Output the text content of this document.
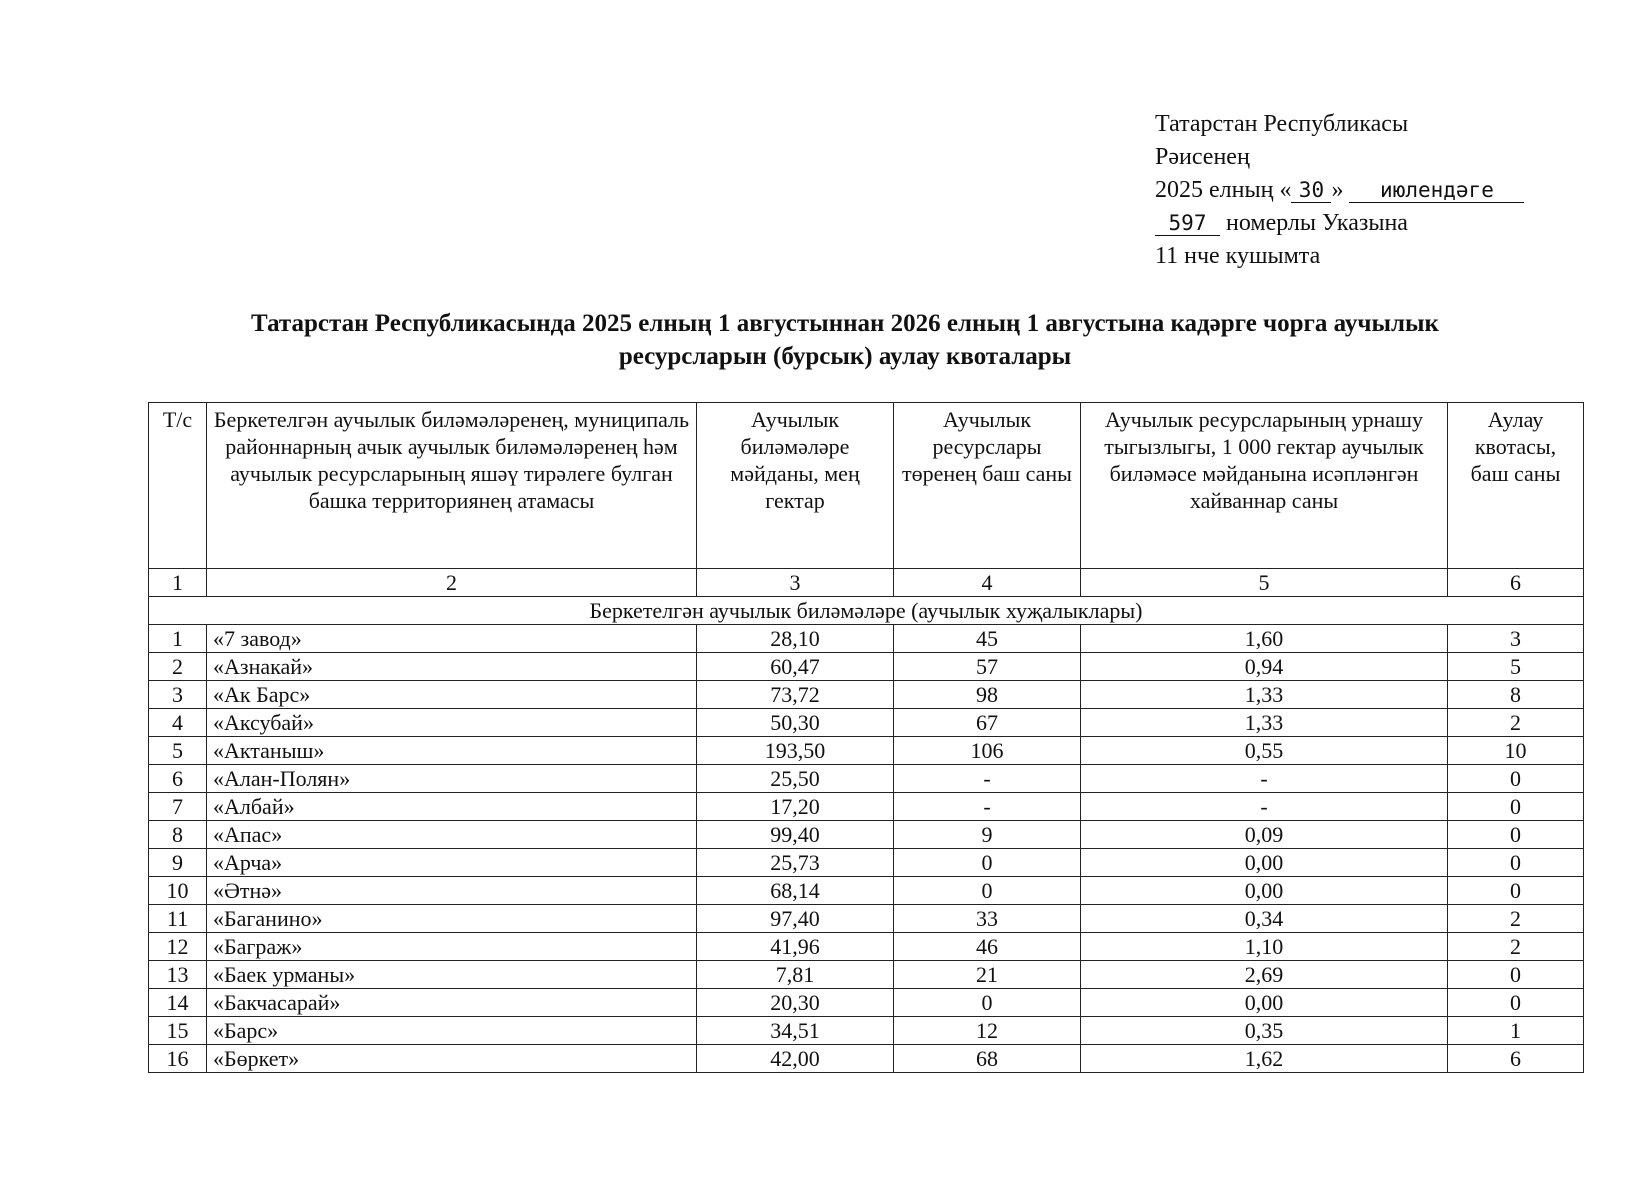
Татарстан Республикасы
Рәисенең
2025 елның « 30 » июлендәге
597 номерлы Указына
11 нче кушымта
Татарстан Республикасында 2025 елның 1 августыннан 2026 елның 1 августына кадәрге чорга аучылык
ресурсларын (бурсык) аулау квоталары
Т/с	Беркетелгән аучылык биләмәләренең, муниципаль районнарның ачык аучылык биләмәләренең һәм аучылык ресурсларының яшәү тирәлеге булган башка территориянең атамасы	Аучылык биләмәләре мәйданы, мең гектар	Аучылык ресурслары төренең баш саны	Аучылык ресурсларының урнашу тыгызлыгы, 1 000 гектар аучылык биләмәсе мәйданына исәпләнгән хайваннар саны	Аулау квотасы, баш саны
1	2	3	4	5	6
Беркетелгән аучылык биләмәләре (аучылык хуҗалыклары)					
1	«7 завод»	28,10	45	1,60	3
2	«Азнакай»	60,47	57	0,94	5
3	«Ак Барс»	73,72	98	1,33	8
4	«Аксубай»	50,30	67	1,33	2
5	«Актаныш»	193,50	106	0,55	10
6	«Алан-Полян»	25,50	-	-	0
7	«Албай»	17,20	-	-	0
8	«Апас»	99,40	9	0,09	0
9	«Арча»	25,73	0	0,00	0
10	«Әтнә»	68,14	0	0,00	0
11	«Баганино»	97,40	33	0,34	2
12	«Баграж»	41,96	46	1,10	2
13	«Баек урманы»	7,81	21	2,69	0
14	«Бакчасарай»	20,30	0	0,00	0
15	«Барс»	34,51	12	0,35	1
16	«Бөркет»	42,00	68	1,62	6
